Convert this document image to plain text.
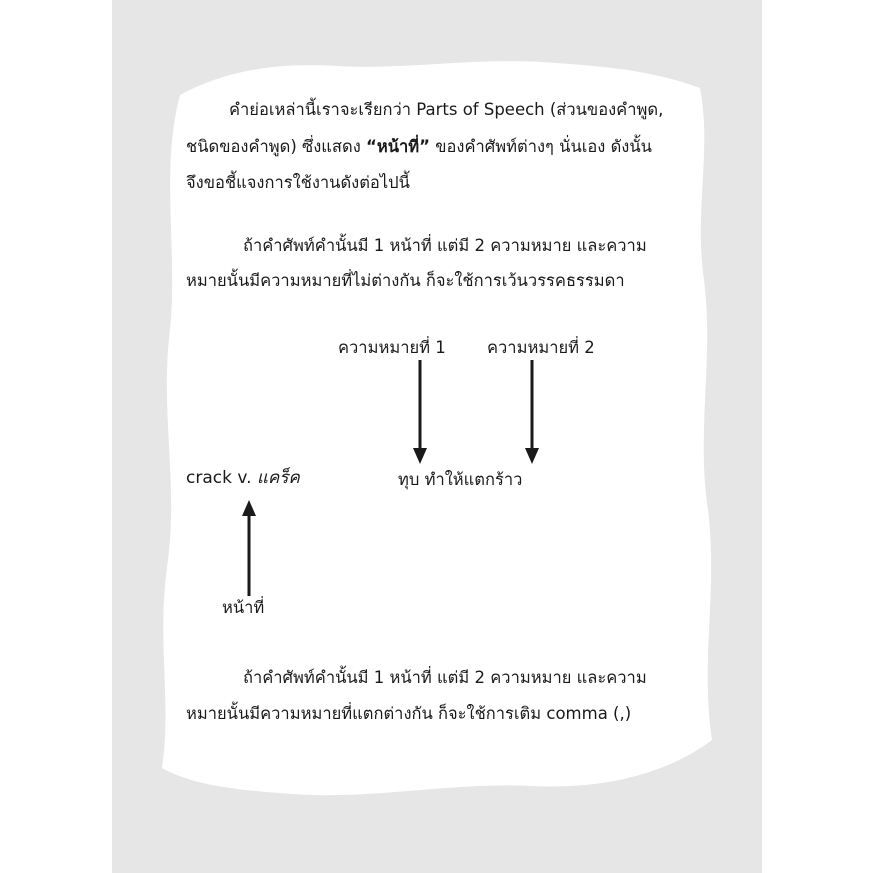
คำย่อเหล่านี้เราจะเรียกว่า Parts of Speech (ส่วนของคำพูด,
ชนิดของคำพูด) ซึ่งแสดง “หน้าที่” ของคำศัพท์ต่างๆ นั่นเอง ดังนั้น
จึงขอชี้แจงการใช้งานดังต่อไปนี้
ถ้าคำศัพท์คำนั้นมี 1 หน้าที่ แต่มี 2 ความหมาย และความ
หมายนั้นมีความหมายที่ไม่ต่างกัน ก็จะใช้การเว้นวรรคธรรมดา
ความหมายที่ 1	ความหมายที่ 2
crack v. แคร็ค	ทุบ ทำให้แตกร้าว
หน้าที่
ถ้าคำศัพท์คำนั้นมี 1 หน้าที่ แต่มี 2 ความหมาย และความ
หมายนั้นมีความหมายที่แตกต่างกัน ก็จะใช้การเติม comma (,)
